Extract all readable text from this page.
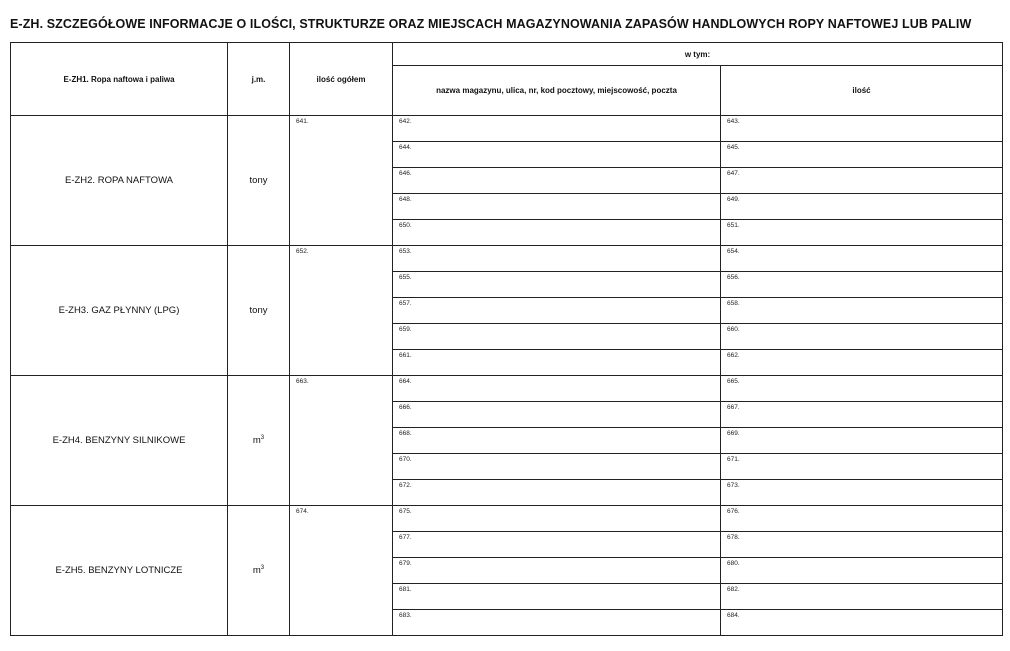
E-ZH. SZCZEGÓŁOWE INFORMACJE O ILOŚCI, STRUKTURZE ORAZ MIEJSCACH MAGAZYNOWANIA ZAPASÓW HANDLOWYCH ROPY NAFTOWEJ LUB PALIW
E-ZH1. Ropa naftowa i paliwa	j.m.	ilość ogółem	w tym:	
			nazwa magazynu, ulica, nr, kod pocztowy, miejscowość, poczta	ilość
E-ZH2. ROPA NAFTOWA	tony	641.	642.	643.

			644.	645.

			646.	647.

			648.	649.

			650.	651.

E-ZH3. GAZ PŁYNNY (LPG)	tony	652.	653.	654.

			655.	656.

			657.	658.

			659.	660.

			661.	662.

E-ZH4. BENZYNY SILNIKOWE	$m^3$	663.	664.	665.

			666.	667.

			668.	669.

			670.	671.

			672.	673.

E-ZH5. BENZYNY LOTNICZE	$m^3$	674.	675.	676.

			677.	678.

			679.	680.

			681.	682.

			683.	684.
